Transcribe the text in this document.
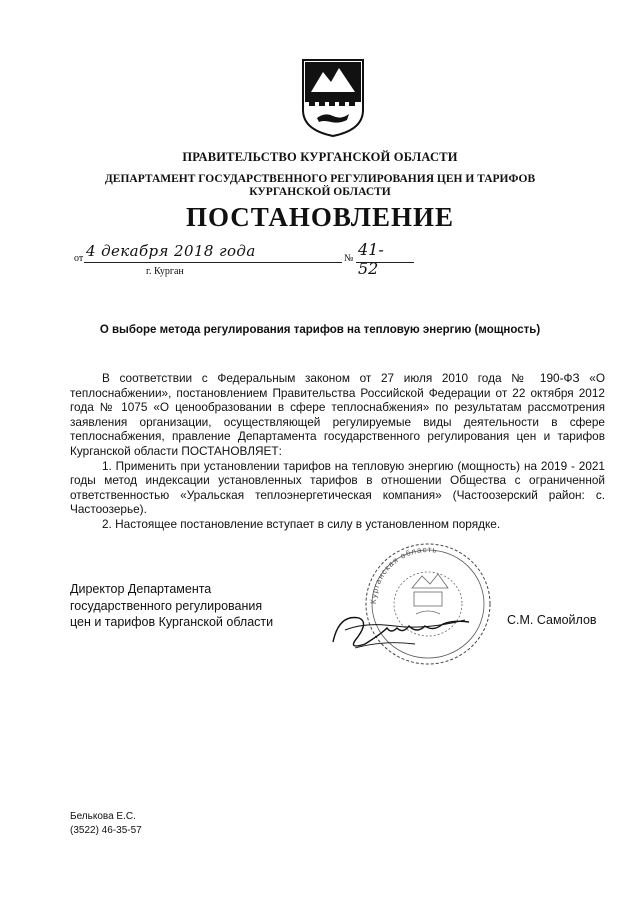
ПРАВИТЕЛЬСТВО КУРГАНСКОЙ ОБЛАСТИ
ДЕПАРТАМЕНТ ГОСУДАРСТВЕННОГО РЕГУЛИРОВАНИЯ ЦЕН И ТАРИФОВ
КУРГАНСКОЙ ОБЛАСТИ
ПОСТАНОВЛЕНИЕ
от 4 декабря 2018 года	№ 41-52
г. Курган
О выборе метода регулирования тарифов на тепловую энергию (мощность)

В соответствии с Федеральным законом от 27 июля 2010 года № 190-ФЗ «О теплоснабжении», постановлением Правительства Российской Федерации от 22 октября 2012 года № 1075 «О ценообразовании в сфере теплоснабжения» по результатам рассмотрения заявления организации, осуществляющей регулируемые виды деятельности в сфере теплоснабжения, правление Департамента государственного регулирования цен и тарифов Курганской области ПОСТАНОВЛЯЕТ:

1. Применить при установлении тарифов на тепловую энергию (мощность) на 2019 - 2021 годы метод индексации установленных тарифов в отношении Общества с ограниченной ответственностью «Уральская теплоэнергетическая компания» (Частоозерский район: с. Частоозерье).

2. Настоящее постановление вступает в силу в установленном порядке.

Директор Департамента
государственного регулирования
цен и тарифов Курганской области
Курганская область
С.М. Самойлов
Белькова Е.С.
(3522) 46-35-57
